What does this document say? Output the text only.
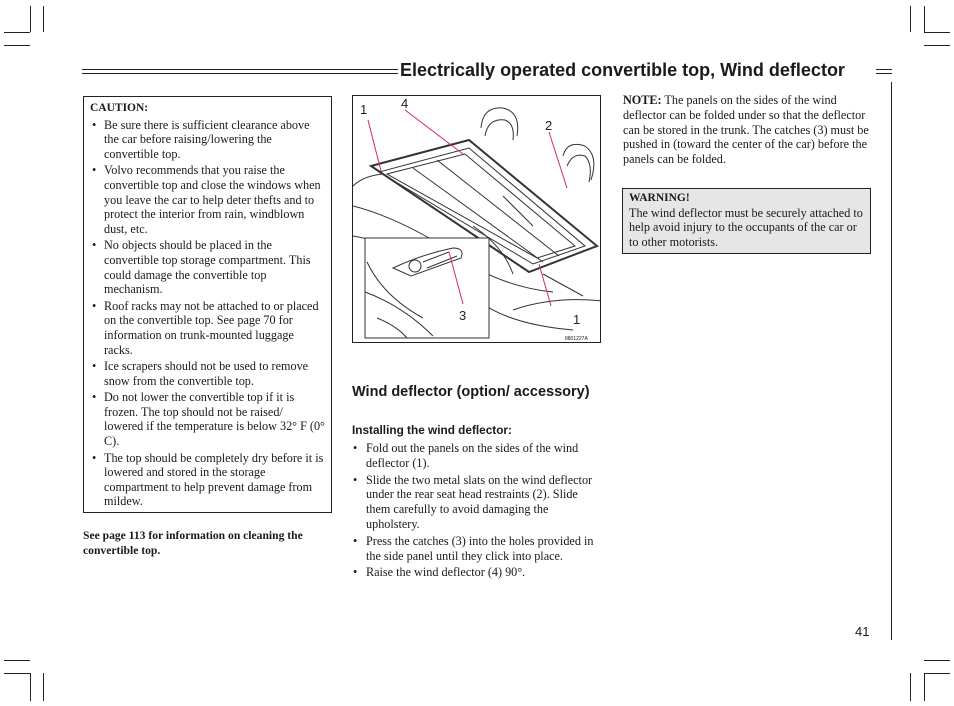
Electrically operated convertible top, Wind deflector
CAUTION:
• Be sure there is sufficient clearance above the car before raising/lowering the convertible top.
• Volvo recommends that you raise the convertible top and close the windows when you leave the car to help deter thefts and to protect the interior from rain, windblown dust, etc.
• No objects should be placed in the convertible top storage compartment. This could damage the convertible top mechanism.
• Roof racks may not be attached to or placed on the convertible top. See page 70 for information on trunk-mounted luggage racks.
• Ice scrapers should not be used to remove snow from the convertible top.
• Do not lower the convertible top if it is frozen. The top should not be raised/ lowered if the temperature is below 32° F (0° C).
• The top should be completely dry before it is lowered and stored in the storage compartment to help prevent damage from mildew.
See page 113 for information on cleaning the convertible top.
1	4
2
3	1
8801227A
Wind deflector (option/ accessory)
Installing the wind deflector:
• Fold out the panels on the sides of the wind deflector (1).
• Slide the two metal slats on the wind deflector under the rear seat head restraints (2). Slide them carefully to avoid damaging the upholstery.
• Press the catches (3) into the holes provided in the side panel until they click into place.
• Raise the wind deflector (4) 90°.
NOTE: The panels on the sides of the wind deflector can be folded under so that the deflector can be stored in the trunk. The catches (3) must be pushed in (toward the center of the car) before the panels can be folded.
WARNING!
The wind deflector must be securely attached to help avoid injury to the occupants of the car or to other motorists.
41
